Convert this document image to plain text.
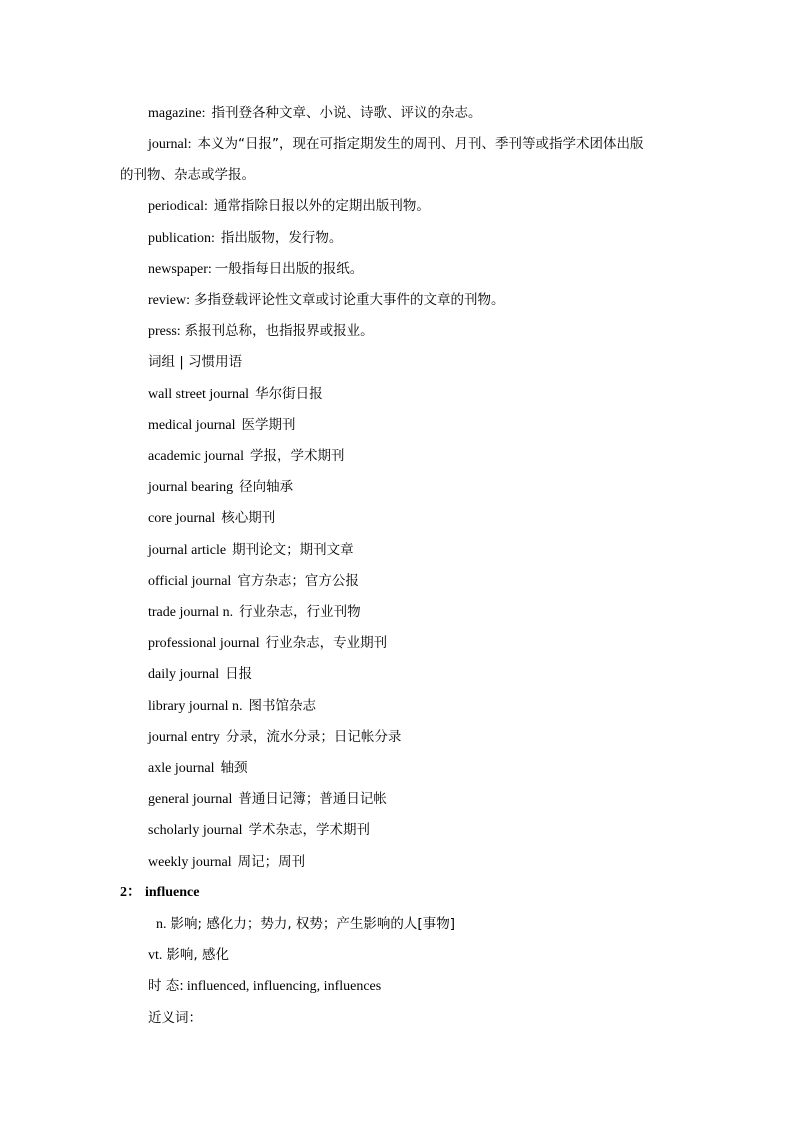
magazine: 指刊登各种文章、小说、诗歌、评议的杂志。
journal: 本义为“日报”，现在可指定期发生的周刊、月刊、季刊等或指学术团体出版
的刊物、杂志或学报。
periodical: 通常指除日报以外的定期出版刊物。
publication: 指出版物，发行物。
newspaper: 一般指每日出版的报纸。
review: 多指登载评论性文章或讨论重大事件的文章的刊物。
press: 系报刊总称，也指报界或报业。
词组 | 习惯用语
wall street journal 华尔街日报
medical journal 医学期刊
academic journal 学报，学术期刊
journal bearing 径向轴承
core journal 核心期刊
journal article 期刊论文；期刊文章
official journal 官方杂志；官方公报
trade journal n. 行业杂志，行业刊物
professional journal 行业杂志，专业期刊
daily journal 日报
library journal n. 图书馆杂志
journal entry 分录，流水分录；日记帐分录
axle journal 轴颈
general journal 普通日记簿；普通日记帐
scholarly journal 学术杂志，学术期刊
weekly journal 周记；周刊
2： influence
n. 影响; 感化力；势力, 权势；产生影响的人[事物]
vt. 影响, 感化
时 态: influenced, influencing, influences
近义词：
